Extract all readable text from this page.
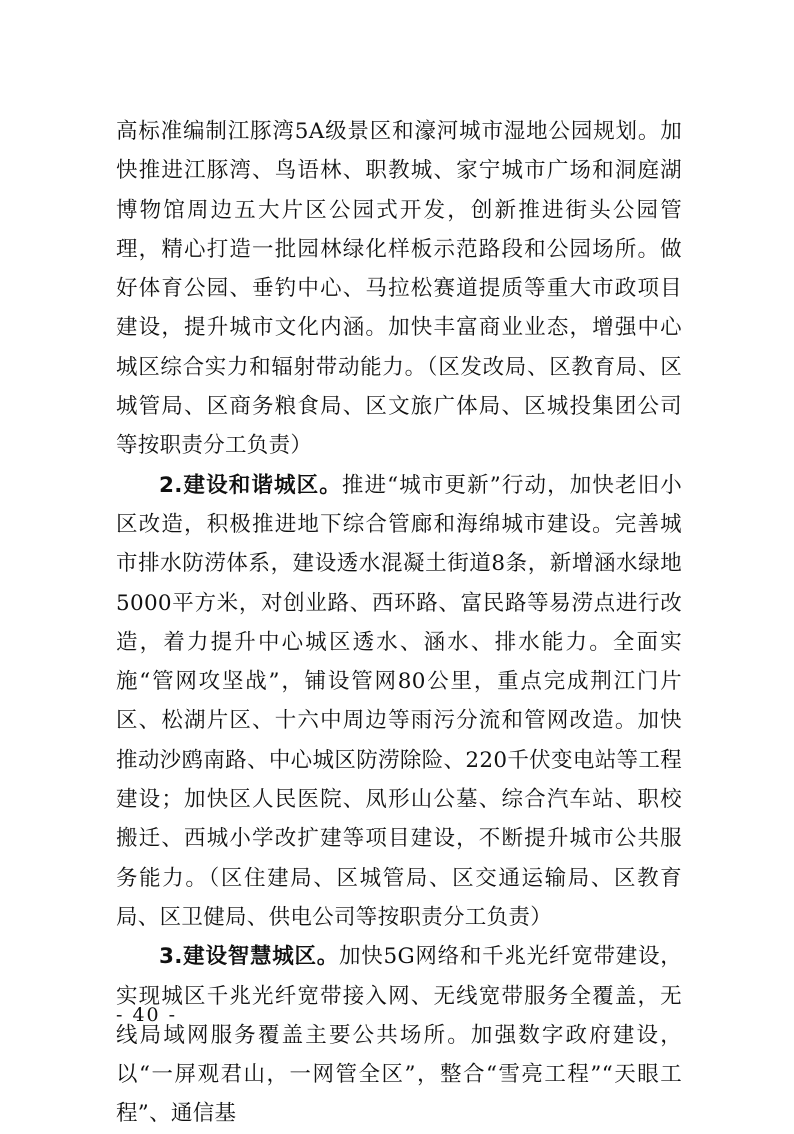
高标准编制江豚湾5A级景区和濠河城市湿地公园规划。加快推进江豚湾、鸟语林、职教城、家宁城市广场和洞庭湖博物馆周边五大片区公园式开发，创新推进街头公园管理，精心打造一批园林绿化样板示范路段和公园场所。做好体育公园、垂钓中心、马拉松赛道提质等重大市政项目建设，提升城市文化内涵。加快丰富商业业态，增强中心城区综合实力和辐射带动能力。（区发改局、区教育局、区城管局、区商务粮食局、区文旅广体局、区城投集团公司等按职责分工负责）

2.建设和谐城区。推进“城市更新”行动，加快老旧小区改造，积极推进地下综合管廊和海绵城市建设。完善城市排水防涝体系，建设透水混凝土街道8条，新增涵水绿地5000平方米，对创业路、西环路、富民路等易涝点进行改造，着力提升中心城区透水、涵水、排水能力。全面实施“管网攻坚战”，铺设管网80公里，重点完成荆江门片区、松湖片区、十六中周边等雨污分流和管网改造。加快推动沙鸥南路、中心城区防涝除险、220千伏变电站等工程建设；加快区人民医院、凤形山公墓、综合汽车站、职校搬迁、西城小学改扩建等项目建设，不断提升城市公共服务能力。（区住建局、区城管局、区交通运输局、区教育局、区卫健局、供电公司等按职责分工负责）

3.建设智慧城区。加快5G网络和千兆光纤宽带建设，实现城区千兆光纤宽带接入网、无线宽带服务全覆盖，无线局域网服务覆盖主要公共场所。加强数字政府建设，以“一屏观君山，一网管全区”，整合“雪亮工程”“天眼工程”、通信基

- 40 -
